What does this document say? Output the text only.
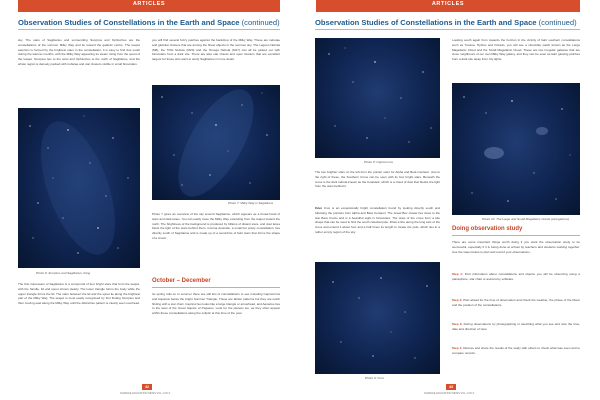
ARTICLES
Observation Studies of Constellations in the Earth and Space (continued)
sky. The stars of Sagittarius and surrounding Scorpius and Ophiuchus are the constellations of the summer Milky Way and lie toward the galactic centre. The teapot asterism is formed by the brightest stars in the constellation; it is easy to find due south during the warmer months, with the Milky Way appearing as steam rising from the spout of the teapot. Scorpius lies to the west and Ophiuchus to the north of Sagittarius, and the whole region is densely packed with nebulae and star clusters visible in small binoculars.
Photo 6: Scorpius and Sagittarius rising
The first impression of Sagittarius is a compound of four bright stars that form the teapot, with the handle, lid and spout shown clearly. The lower triangle forms the body while the upper triangle forms the lid. The stars between the lid and the spout lie along the brightest part of the Milky Way. The teapot is most easily recognised by first finding Scorpius and then moving east along the Milky Way until the distinctive pattern is clearly seen overhead.
you will find several fuzzy patches against the backdrop of the Milky Way. These are nebulae and globular clusters that are among the finest objects in the summer sky. The Lagoon Nebula (M8), the Trifid Nebula (M20) and the Omega Nebula (M17) can all be picked out with binoculars from a dark site. There are also star clouds and open clusters that are excellent targets for those who want to study Sagittarius in more detail.
Photo 7: Milky Way in Sagittarius
Photo 7 gives an overview of the sky around Sagittarius, which appears as a broad band of stars and dark lanes. You can easily trace the Milky Way extending from the teapot toward the north. The brightness of the background is produced by billions of distant stars, and dust lanes block the light of the stars behind them. Corona Australis, a small but pretty constellation, lies directly south of Sagittarius and is made up of a semicircle of faint stars that forms the shape of a crown.
October – December
As spring rolls on to summer there are still lots of constellations to see including Capricornus and Aquarius below the bright Summer Triangle. These are fainter patterns but they are worth finding with a star chart. Capricornus looks like a large triangle or arrowhead, and Aquarius lies to the west of the Great Square of Pegasus. Look for the planets too, as they often appear within these constellations along the ecliptic at this time of the year.
42
SCIENCE EDUCATION NEWS VOL 1 NO 1
ARTICLES
Observation Studies of Constellations in the Earth and Space (continued)
Photo 8: Capricornus
The two brighter stars on the left form the pointer stars for Alpha and Beta Centauri. Just to the right of these, the Southern Cross can be seen with its four bright stars. Beneath the cross is the dark nebula known as the Coalsack, which is a cloud of dust that blocks the light from the stars behind it.
Crux Crux is an exceptionally bright constellation found by looking directly south and following the pointers from Alpha and Beta Centauri. The Jewel Box cluster lies close to the star Beta Crucis and is a beautiful sight in binoculars. The stars of the cross form a kite shape that can be used to find the south celestial pole. Draw a line along the long axis of the cross and extend it about four and a half times its length to locate the pole, which lies in a rather empty region of the sky.
Photo 9: Crux
Looking south again from towards the horizon in the vicinity of faint southern constellations such as Tucana, Hydrus and Dorado, you will see a cloud-like patch known as the Large Magellanic Cloud and the Small Magellanic Cloud. These are two irregular galaxies that are close neighbours of our own Milky Way galaxy, and they can be seen as faint glowing patches from a dark site away from city lights.
Photo 10: The Large and Small Magellanic clouds (elongations)
Doing observation study
There are some important things worth doing if you want the observation study to be successful, especially if it is being done at school by teachers and students working together. Use the steps below to plan and record your observations.
Step 1: Find information about constellations and objects you will be observing using a planisphere, star chart or astronomy software.
Step 2: Plan ahead for the time of observation and check the weather, the phase of the Moon and the position of the constellations.
Step 3: During observations try photographing or sketching what you see and note the time, date and direction of view.
Step 4: Discuss and share the results of the study with others to check what was seen and to compare records.
43
SCIENCE EDUCATION NEWS VOL 1 NO 1
